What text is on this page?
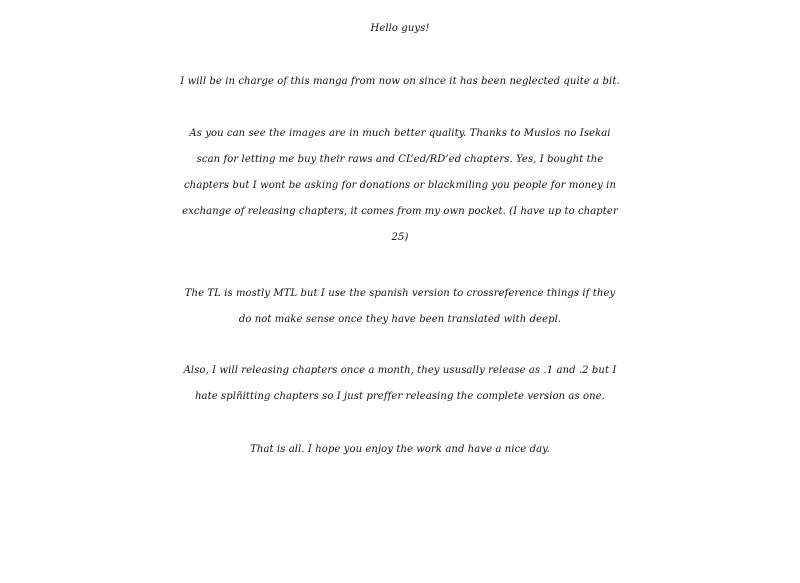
Hello guys!
I will be in charge of this manga from now on since it has been neglected quite a bit.
As you can see the images are in much better quality. Thanks to Muslos no Isekai
scan for letting me buy their raws and CL’ed/RD’ed chapters. Yes, I bought the
chapters but I wont be asking for donations or blackmiling you people for money in
exchange of releasing chapters, it comes from my own pocket. (I have up to chapter
25)
The TL is mostly MTL but I use the spanish version to crossreference things if they
do not make sense once they have been translated with deepl.
Also, I will releasing chapters once a month, they ususally release as .1 and .2 but I
hate splñitting chapters so I just preffer releasing the complete version as one.
That is all. I hope you enjoy the work and have a nice day.
